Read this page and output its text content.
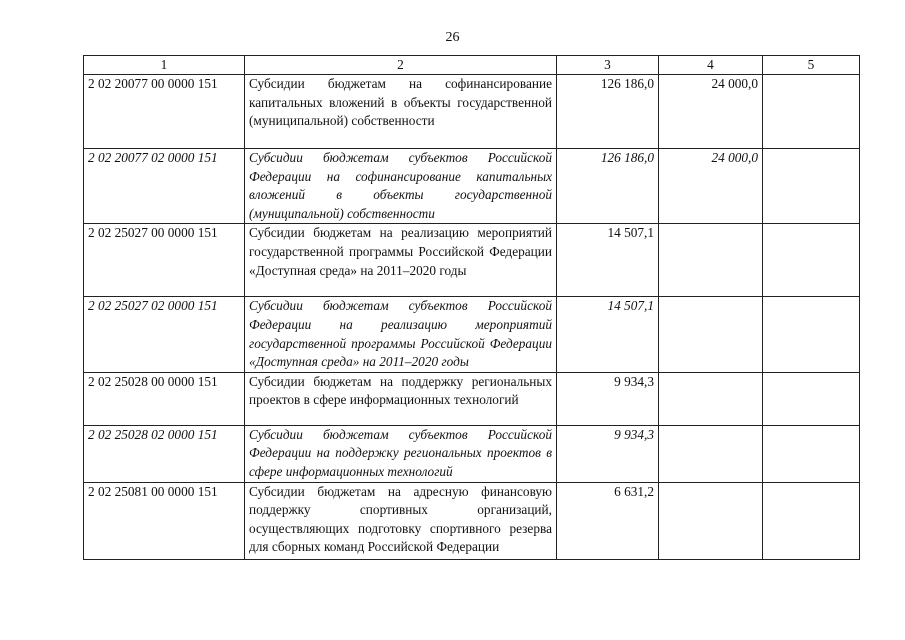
26
1	2	3	4	5
2 02 20077 00 0000 151	Субсидии бюджетам на софинансирование капитальных вложений в объекты государственной (муниципальной) собственности	126 186,0	24 000,0	
2 02 20077 02 0000 151	Субсидии бюджетам субъектов Российской Федерации на софинансирование капитальных вложений в объекты государственной (муниципальной) собственности	126 186,0	24 000,0	
2 02 25027 00 0000 151	Субсидии бюджетам на реализацию мероприятий государственной программы Российской Федерации «Доступная среда» на 2011–2020 годы	14 507,1		
2 02 25027 02 0000 151	Субсидии бюджетам субъектов Российской Федерации на реализацию мероприятий государственной программы Российской Федерации «Доступная среда» на 2011–2020 годы	14 507,1		
2 02 25028 00 0000 151	Субсидии бюджетам на поддержку региональных проектов в сфере информационных технологий	9 934,3		
2 02 25028 02 0000 151	Субсидии бюджетам субъектов Российской Федерации на поддержку региональных проектов в сфере информационных технологий	9 934,3		
2 02 25081 00 0000 151	Субсидии бюджетам на адресную финансовую поддержку спортивных организаций, осуществляющих подготовку спортивного резерва для сборных команд Российской Федерации	6 631,2		
